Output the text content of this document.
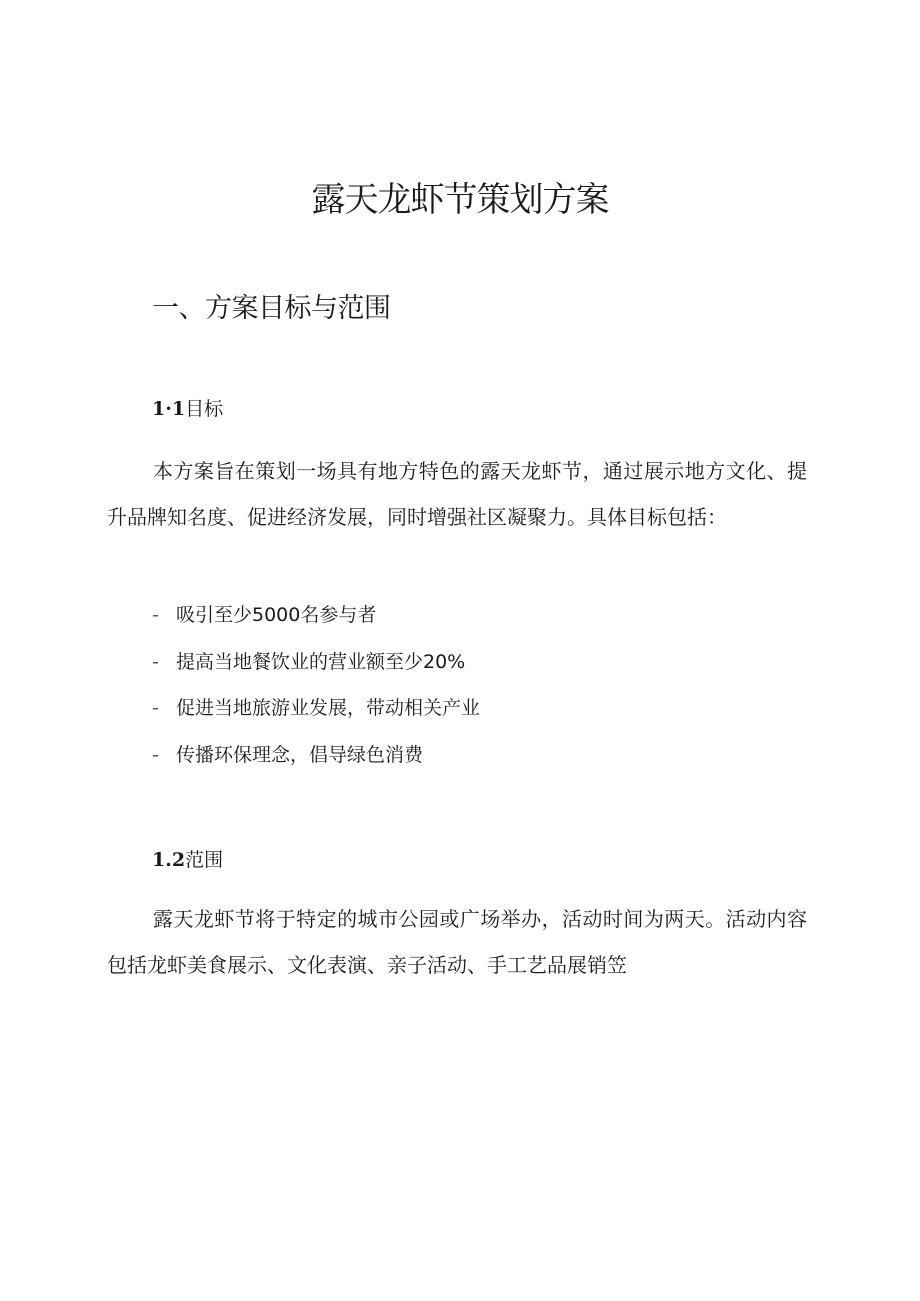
露天龙虾节策划方案
一、方案目标与范围
1·1目标

本方案旨在策划一场具有地方特色的露天龙虾节，通过展示地方文化、提升品牌知名度、促进经济发展，同时增强社区凝聚力。具体目标包括：

- 吸引至少5000名参与者
- 提高当地餐饮业的营业额至少20%
- 促进当地旅游业发展，带动相关产业
- 传播环保理念，倡导绿色消费
1.2范围

露天龙虾节将于特定的城市公园或广场举办，活动时间为两天。活动内容包括龙虾美食展示、文化表演、亲子活动、手工艺品展销笠
